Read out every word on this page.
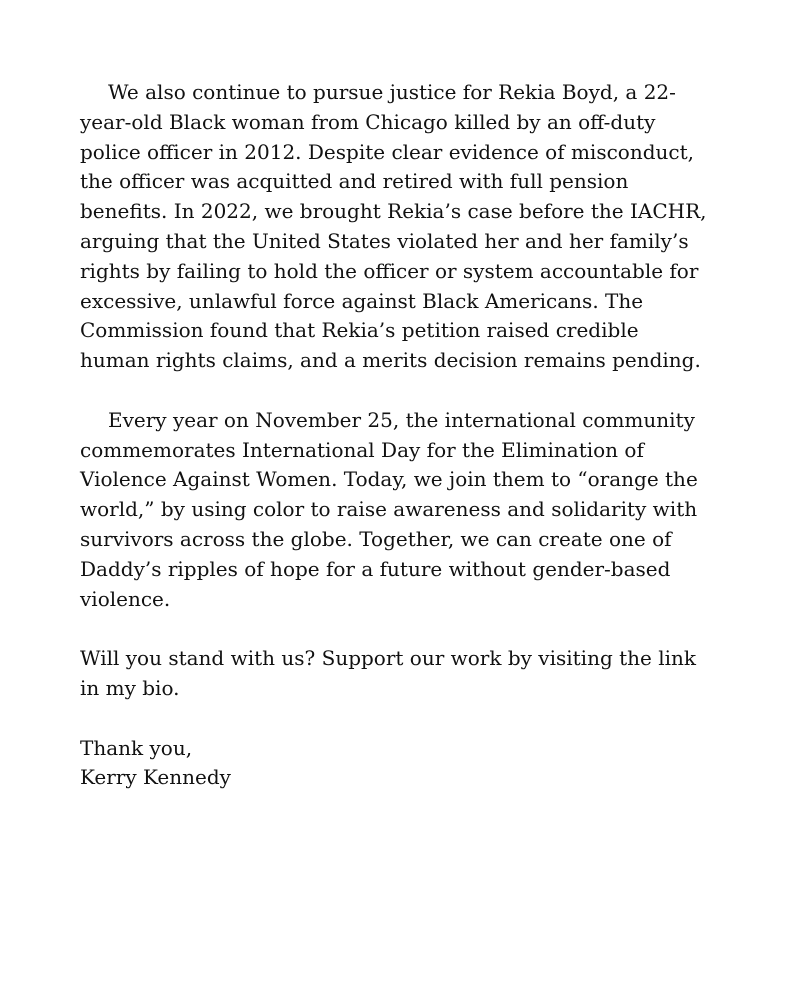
We also continue to pursue justice for Rekia Boyd, a 22-
year-old Black woman from Chicago killed by an off-duty
police officer in 2012. Despite clear evidence of misconduct,
the officer was acquitted and retired with full pension
benefits. In 2022, we brought Rekia’s case before the IACHR,
arguing that the United States violated her and her family’s
rights by failing to hold the officer or system accountable for
excessive, unlawful force against Black Americans. The
Commission found that Rekia’s petition raised credible
human rights claims, and a merits decision remains pending.
Every year on November 25, the international community
commemorates International Day for the Elimination of
Violence Against Women. Today, we join them to “orange the
world,” by using color to raise awareness and solidarity with
survivors across the globe. Together, we can create one of
Daddy’s ripples of hope for a future without gender-based
violence.
Will you stand with us? Support our work by visiting the link
in my bio.
Thank you,
Kerry Kennedy
